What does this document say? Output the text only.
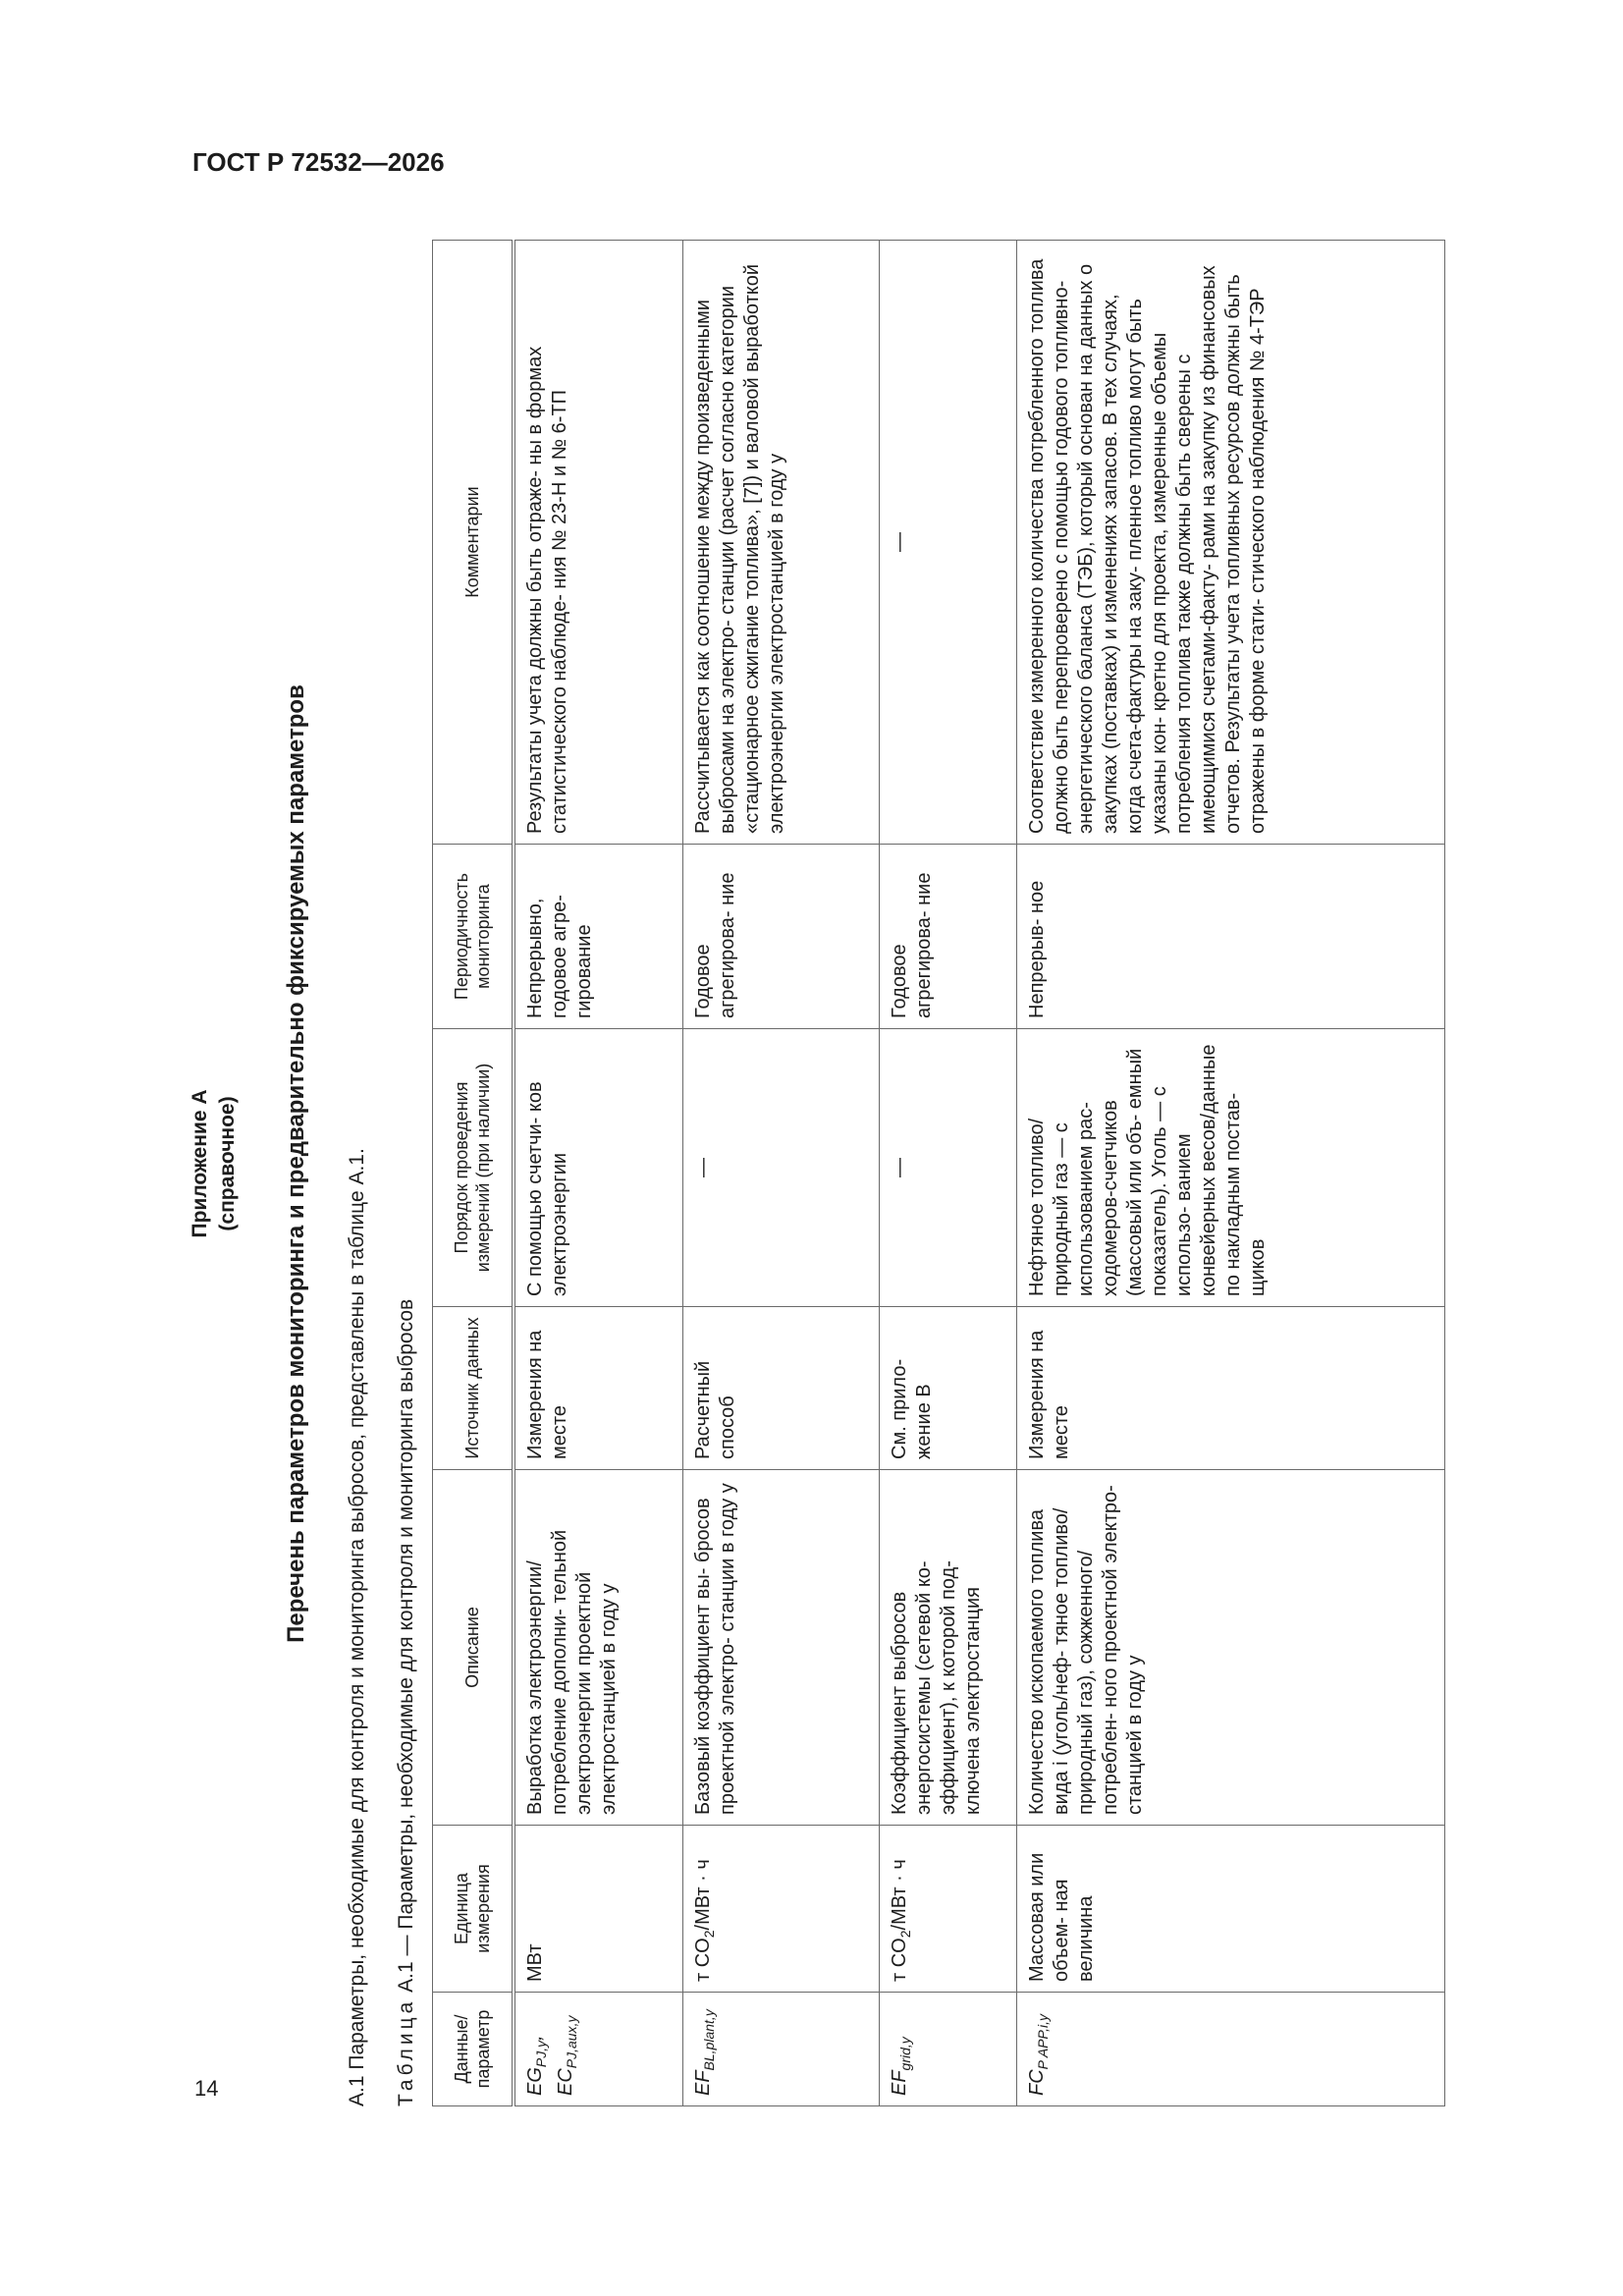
ГОСТ Р 72532—2026
14
Приложение А (справочное) Перечень параметров мониторинга и предварительно фиксируемых параметров А.1 Параметры, необходимые для контроля и мониторинга выбросов, представлены в таблице А.1. Таблица А.1 — Параметры, необходимые для контроля и мониторинга выбросов
Данные/ параметр	Единица измерения	Описание	Источник данных	Порядок проведения измерений (при наличии)	Периодичность мониторинга	Комментарии
$EG_{PJ,y}$,
$EC_{PJ,aux,y}$	МВт	Выработка электроэнергии/ потребление дополни- тельной электроэнергии проектной электростанцией в году y	Измерения на месте	С помощью счетчи- ков электроэнергии	Непрерывно, годовое агре- гирование	Результаты учета должны быть отраже- ны в формах статистического наблюде- ния № 23-Н и № 6-ТП
$EF_{BL,plant,y}$	т $CO_2$/МВт · ч	Базовый коэффициент вы- бросов проектной электро- станции в году y	Расчетный способ	—	Годовое агрегирова- ние	Рассчитывается как соотношение между произведенными выбросами на электро- станции (расчет согласно категории «стационарное сжигание топлива», [7]) и валовой выработкой электроэнергии электростанцией в году y
$EF_{grid,y}$	т $CO_2$/МВт · ч	Коэффициент выбросов энергосистемы (сетевой ко- эффициент), к которой под- ключена электростанция	См. прило- жение В	—	Годовое агрегирова- ние	—

$FC_{P APP,i,y}$	Массовая или объем- ная величина	Количество ископаемого топлива вида i (уголь/неф- тяное топливо/природный газ), сожженного/потреблен- ного проектной электро- станцией в году y	Измерения на месте	Нефтяное топливо/ природный газ — с использованием рас- ходомеров-счетчиков (массовый или объ- емный показатель). Уголь — с использо- ванием конвейерных весов/данные по накладным постав- щиков	Непрерыв- ное	Соответствие измеренного количества потребленного топлива должно быть перепроверено с помощью годового топливно-энергетического баланса (ТЭБ), который основан на данных о закупках (поставках) и изменениях запасов. В тех случаях, когда счета-фактуры на заку- пленное топливо могут быть указаны кон- кретно для проекта, измеренные объемы потребления топлива также должны быть сверены с имеющимися счетами-факту- рами на закупку из финансовых отчетов. Результаты учета топливных ресурсов должны быть отражены в форме стати- стического наблюдения № 4-ТЭР
